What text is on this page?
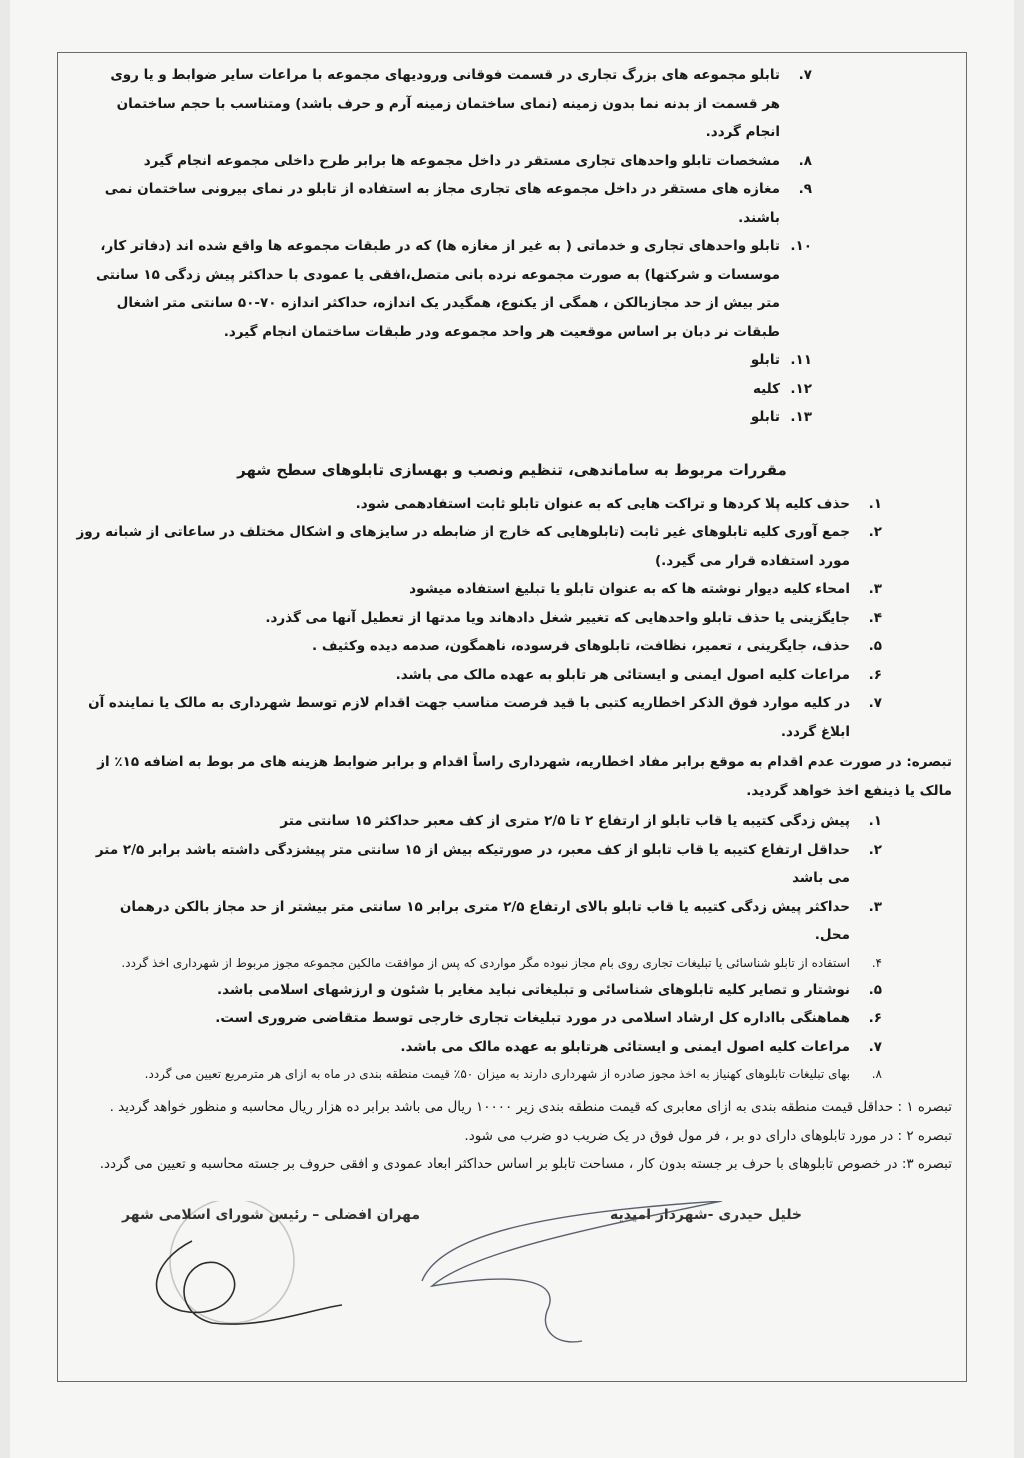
۷.
تابلو مجموعه های بزرگ تجاری در قسمت فوقانی ورودیهای مجموعه با مراعات سایر ضوابط و یا روی هر قسمت از بدنه نما بدون زمینه (نمای ساختمان زمینه آرم و حرف باشد) ومتناسب با حجم ساختمان انجام گردد.
۸.
مشخصات تابلو واحدهای تجاری مستقر در داخل مجموعه ها برابر طرح داخلی مجموعه انجام گیرد
۹.
مغازه های مستقر در داخل مجموعه های تجاری مجاز به استفاده از تابلو در نمای بیرونی ساختمان نمی باشند.
۱۰.
تابلو واحدهای تجاری و خدماتی ( به غیر از مغازه ها) که در طبقات مجموعه ها واقع شده اند (دفاتر کار، موسسات و شرکتها) به صورت مجموعه نرده بانی متصل،افقی یا عمودی با حداکثر پیش زدگی ۱۵ سانتی متر بیش از حد مجازبالکن ، همگی از یکنوع، همگیدر یک اندازه، حداکثر اندازه ۷۰-۵۰ سانتی متر اشغال طبقات نر دبان بر اساس موقعیت هر واحد مجموعه ودر طبقات ساختمان انجام گیرد.
۱۱.
تابلو
۱۲.
کلیه
۱۳.
تابلو
مقررات مربوط به ساماندهی، تنظیم ونصب و بهسازی تابلوهای سطح شهر
۱.
حذف کلیه پلا کردها و تراکت هایی که به عنوان تابلو ثابت استفادهمی شود.
۲.
جمع آوری کلیه تابلوهای غیر ثابت (تابلوهایی که خارج از ضابطه در سایزهای و اشکال مختلف در ساعاتی از شبانه روز مورد استفاده قرار می گیرد.)
۳.
امحاء کلیه دیوار نوشته ها که به عنوان تابلو یا تبلیغ استفاده میشود
۴.
جایگزینی یا حذف تابلو واحدهایی که تغییر شغل دادهاند ویا مدتها از تعطیل آنها می گذرد.
۵.
حذف، جایگرینی ، تعمیر، نظافت، تابلوهای فرسوده، ناهمگون، صدمه دیده وکثیف .
۶.
مراعات کلیه اصول ایمنی و ایستائی هر تابلو به عهده مالک می باشد.
۷.
در کلیه موارد فوق الذکر اخطاریه کتبی با قید فرصت مناسب جهت اقدام لازم توسط شهرداری به مالک یا نماینده آن ابلاغ گردد.
تبصره: در صورت عدم اقدام به موقع برابر مفاد اخطاریه، شهرداری راساً اقدام و برابر ضوابط هزینه های مر بوط به اضافه ۱۵٪ از مالک یا ذینفع اخذ خواهد گردید.
۱.
پیش زدگی کتیبه یا قاب تابلو از ارتفاع ۲ تا ۲/۵ متری از کف معبر حداکثر ۱۵ سانتی متر
۲.
حداقل ارتفاع کتیبه یا قاب تابلو از کف معبر، در صورتیکه بیش از ۱۵ سانتی متر پیشزدگی داشته باشد برابر ۲/۵ متر می باشد
۳.
حداکثر پیش زدگی کتیبه یا قاب تابلو بالای ارتفاع ۲/۵ متری برابر ۱۵ سانتی متر بیشتر از حد مجاز بالکن درهمان محل.
۴.
استفاده از تابلو شناسائی یا تبلیغات تجاری روی بام مجاز نبوده مگر مواردی که پس از موافقت مالکین مجموعه مجوز مربوط از شهرداری اخذ گردد.
۵.
نوشتار و تصایر کلیه تابلوهای شناسائی و تبلیغاتی نباید مغایر با شئون و ارزشهای اسلامی باشد.
۶.
هماهنگی بااداره کل ارشاد اسلامی در مورد تبلیغات تجاری خارجی توسط متقاضی ضروری است.
۷.
مراعات کلیه اصول ایمنی و ایستائی هرتابلو به عهده مالک می باشد.
۸.
بهای تبلیغات تابلوهای کهنیاز به اخذ مجوز صادره از شهرداری دارند به میزان ۵۰٪ قیمت منطقه بندی در ماه به ازای هر مترمربع تعیین می گردد.
تبصره ۱ : حداقل قیمت منطقه بندی به ازای معابری که قیمت منطقه بندی زیر ۱۰۰۰۰ ریال می باشد برابر ده هزار ریال محاسبه و منظور خواهد گردید .
تبصره ۲ : در مورد تابلوهای دارای دو بر ، فر مول فوق در یک ضریب دو ضرب می شود.
تبصره ۳: در خصوص تابلوهای با حرف بر جسته بدون کار ، مساحت تابلو بر اساس حداکثر ابعاد عمودی و افقی حروف بر جسته محاسبه و تعیین می گردد.
خلیل حیدری -شهردار امیدیه
مهران افضلی – رئیس شورای اسلامی شهر
